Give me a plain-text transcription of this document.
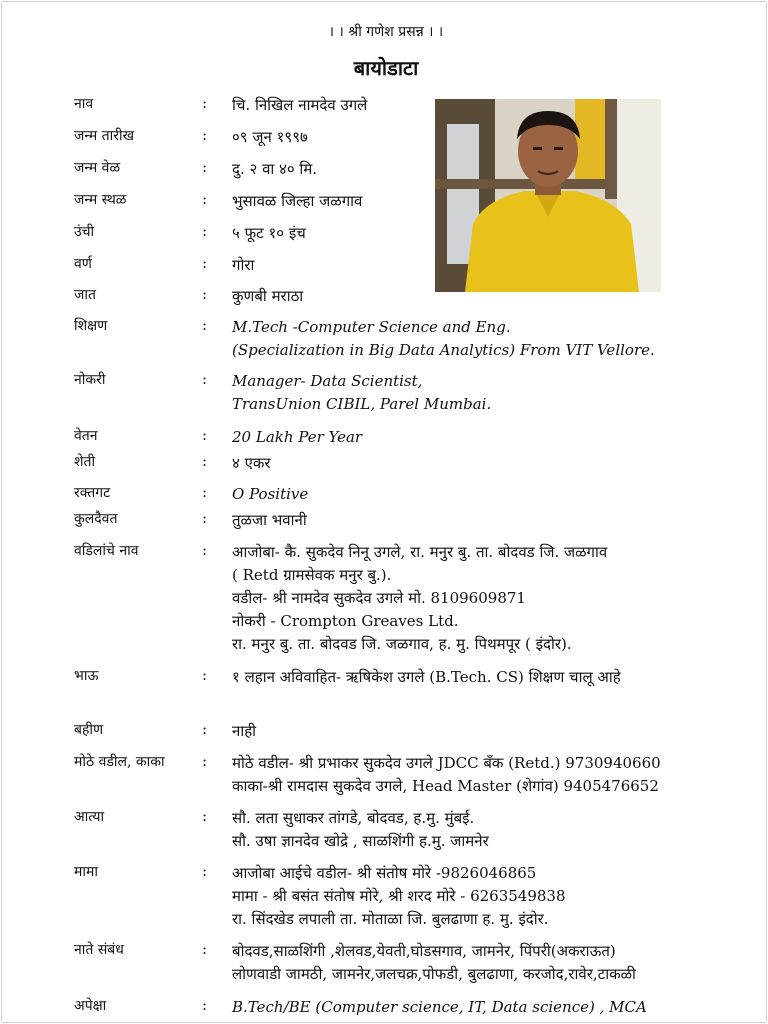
। । श्री गणेश प्रसन्न । ।
बायोडाटा
नाव	: चि. निखिल नामदेव उगले
जन्म तारीख	: ०९ जून १९९७
जन्म वेळ	: दु. २ वा ४० मि.
जन्म स्थळ	: भुसावळ जिल्हा जळगाव
उंची	: ५ फूट १० इंच
वर्ण	: गोरा
जात	: कुणबी मराठा
शिक्षण	: M.Tech -Computer Science and Eng.
(Specialization in Big Data Analytics) From VIT Vellore.
नोकरी	: Manager- Data Scientist,
TransUnion CIBIL, Parel Mumbai.
वेतन	: 20 Lakh Per Year
शेती	: ४ एकर
रक्तगट	: O Positive
कुलदैवत	: तुळजा भवानी
वडिलांचे नाव	: आजोबा- कै. सुकदेव निनू उगले, रा. मनुर बु. ता. बोदवड जि. जळगाव
( Retd ग्रामसेवक मनुर बु.).
वडील- श्री नामदेव सुकदेव उगले मो. 8109609871
नोकरी - Crompton Greaves Ltd.
रा. मनुर बु. ता. बोदवड जि. जळगाव, ह. मु. पिथमपूर ( इंदोर).
भाऊ	: १ लहान अविवाहित- ऋषिकेश उगले (B.Tech. CS) शिक्षण चालू आहे
बहीण	: नाही
मोठे वडील, काका : मोठे वडील- श्री प्रभाकर सुकदेव उगले JDCC बँक (Retd.) 9730940660
काका-श्री रामदास सुकदेव उगले, Head Master (शेगांव) 9405476652
आत्या	: सौ. लता सुधाकर तांगडे, बोदवड, ह.मु. मुंबई.
सौ. उषा ज्ञानदेव खोद्रे , साळशिंगी ह.मु. जामनेर
मामा	: आजोबा आईचे वडील- श्री संतोष मोरे -9826046865
मामा - श्री बसंत संतोष मोरे, श्री शरद मोरे - 6263549838
रा. सिंदखेड लपाली ता. मोताळा जि. बुलढाणा ह. मु. इंदोर.
नाते संबंध	: बोदवड,साळशिंगी ,शेलवड,येवती,घोडसगाव, जामनेर, पिंपरी(अकराऊत)
लोणवाडी जामठी, जामनेर,जलचक्र,पोफडी, बुलढाणा, करजोद,रावेर,टाकळी
अपेक्षा	: B.Tech/BE (Computer science, IT, Data science) , MCA
